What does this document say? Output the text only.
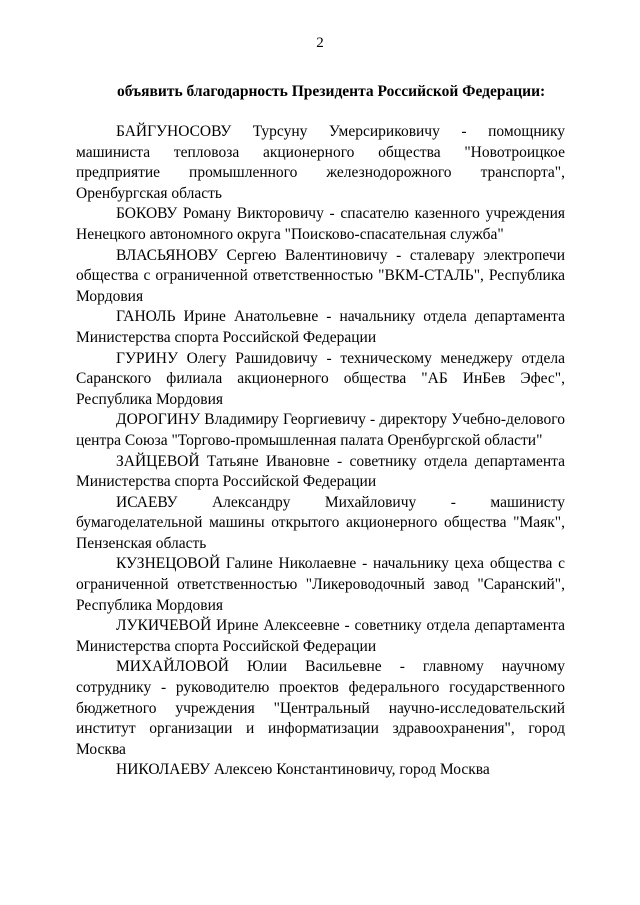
2
объявить благодарность Президента Российской Федерации:

БАЙГУНОСОВУ Турсуну Умерсириковичу - помощнику машиниста тепловоза акционерного общества "Новотроицкое предприятие промышленного железнодорожного транспорта", Оренбургская область

БОКОВУ Роману Викторовичу - спасателю казенного учреждения Ненецкого автономного округа "Поисково-спасательная служба"

ВЛАСЬЯНОВУ Сергею Валентиновичу - сталевару электропечи общества с ограниченной ответственностью "ВКМ-СТАЛЬ", Республика Мордовия

ГАНОЛЬ Ирине Анатольевне - начальнику отдела департамента Министерства спорта Российской Федерации

ГУРИНУ Олегу Рашидовичу - техническому менеджеру отдела Саранского филиала акционерного общества "АБ ИнБев Эфес", Республика Мордовия

ДОРОГИНУ Владимиру Георгиевичу - директору Учебно-делового центра Союза "Торгово-промышленная палата Оренбургской области"

ЗАЙЦЕВОЙ Татьяне Ивановне - советнику отдела департамента Министерства спорта Российской Федерации

ИСАЕВУ Александру Михайловичу - машинисту бумагоделательной машины открытого акционерного общества "Маяк", Пензенская область

КУЗНЕЦОВОЙ Галине Николаевне - начальнику цеха общества с ограниченной ответственностью "Ликероводочный завод "Саранский", Республика Мордовия

ЛУКИЧЕВОЙ Ирине Алексеевне - советнику отдела департамента Министерства спорта Российской Федерации

МИХАЙЛОВОЙ Юлии Васильевне - главному научному сотруднику - руководителю проектов федерального государственного бюджетного учреждения "Центральный научно-исследовательский институт организации и информатизации здравоохранения", город Москва

НИКОЛАЕВУ Алексею Константиновичу, город Москва
